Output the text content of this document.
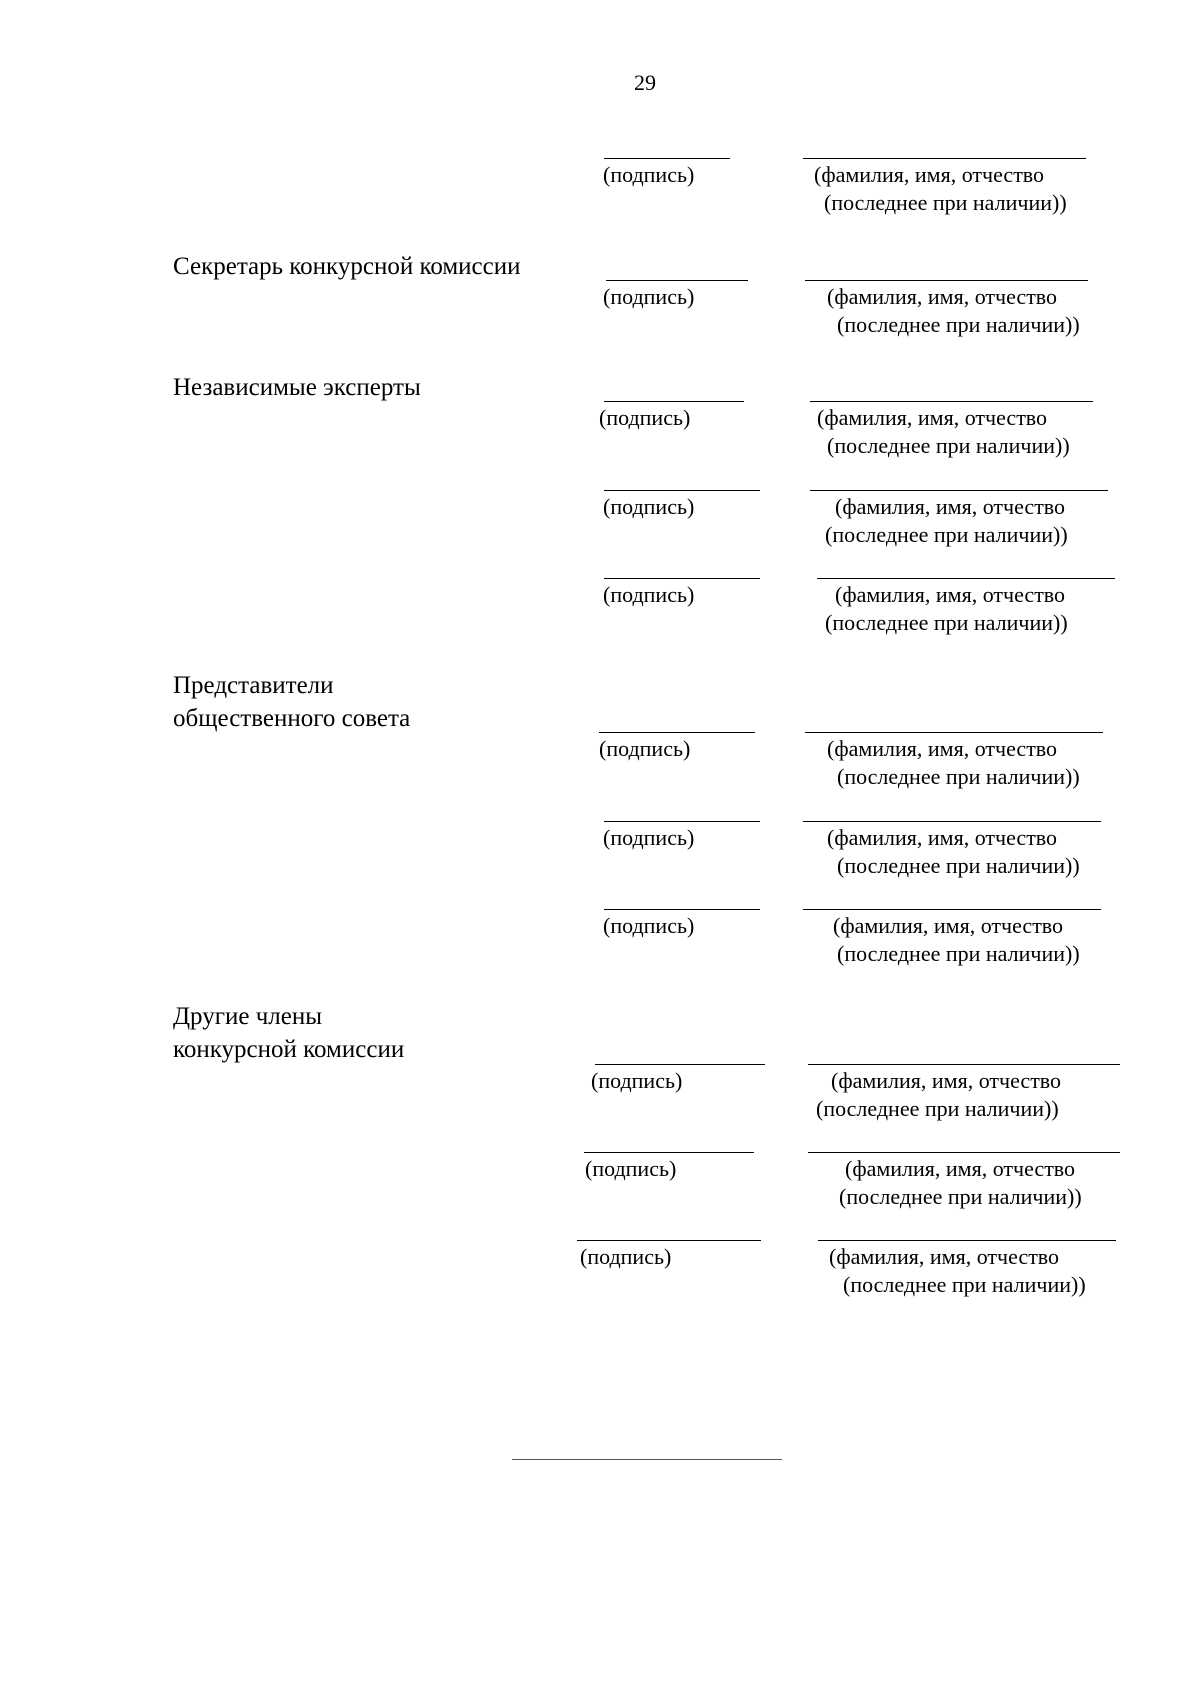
29
(подпись)	(фамилия, имя, отчество
(последнее при наличии))
Секретарь конкурсной комиссии
(подпись)	(фамилия, имя, отчество
(последнее при наличии))
Независимые эксперты
(подпись)	(фамилия, имя, отчество
(последнее при наличии))
(подпись)	(фамилия, имя, отчество
(последнее при наличии))
(подпись)	(фамилия, имя, отчество
(последнее при наличии))
Представители
общественного совета
(подпись)	(фамилия, имя, отчество
(последнее при наличии))
(подпись)	(фамилия, имя, отчество
(последнее при наличии))
(подпись)	(фамилия, имя, отчество
(последнее при наличии))
Другие члены
конкурсной комиссии
(подпись)	(фамилия, имя, отчество
(последнее при наличии))
(подпись)	(фамилия, имя, отчество
(последнее при наличии))
(подпись)	(фамилия, имя, отчество
(последнее при наличии))
